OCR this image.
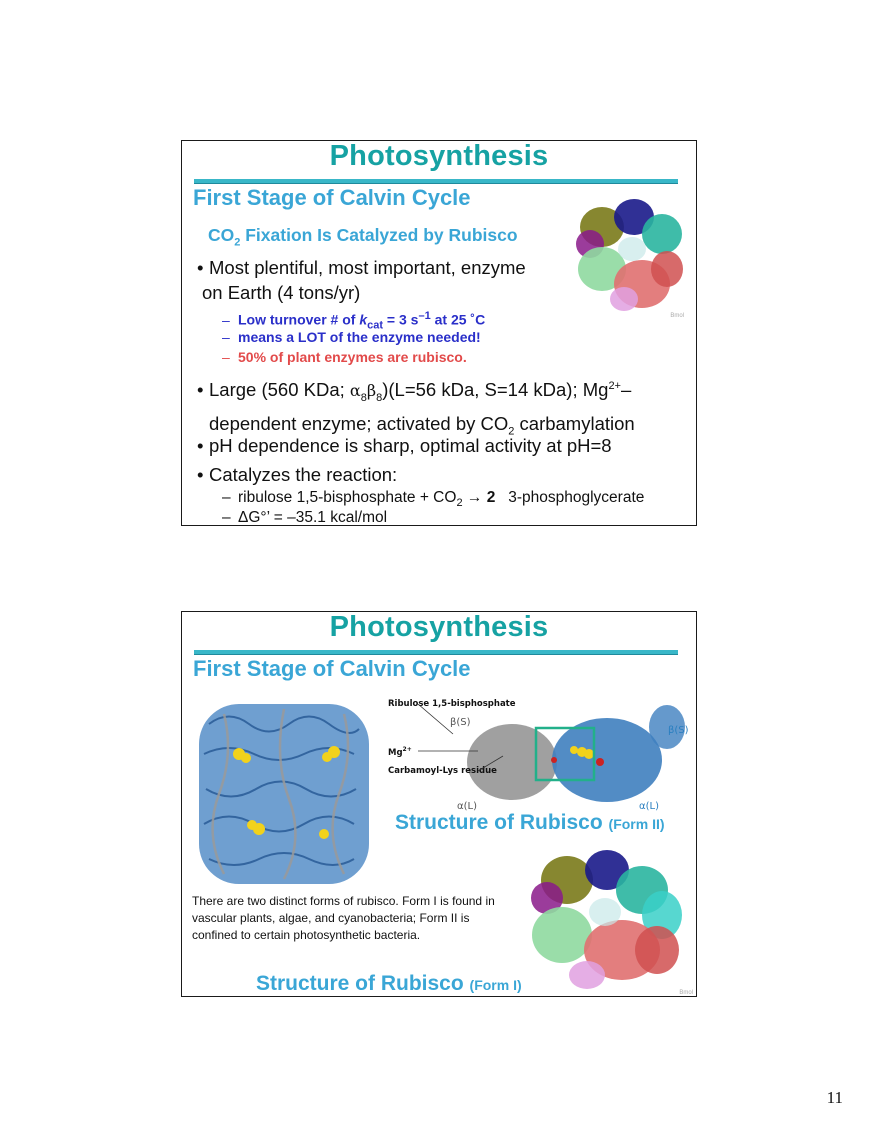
Photosynthesis
First Stage of Calvin Cycle
$CO_2$ Fixation Is Catalyzed by Rubisco
Bmol
• Most plentiful, most important, enzyme
on Earth (4 tons/yr)
– Low turnover # of $k_{cat} = 3$ $s^{-1}$ at 25 ˚C
– means a LOT of the enzyme needed!
– 50% of plant enzymes are rubisco.
• Large (560 KDa; $\alpha_8\beta_8)(L=56$ kDa, S=14 kDa); $Mg^{2+}-$
dependent enzyme; activated by $CO_2$ carbamylation
• pH dependence is sharp, optimal activity at pH=8
• Catalyzes the reaction:
– ribulose 1,5-bisphosphate + $CO_2 \to 2$ 3-phosphoglycerate
– ΔG°’ = –35.1 kcal/mol
Photosynthesis
First Stage of Calvin Cycle
Ribulose 1,5-bisphosphate
β(S)
β(S)
$Mg^{2+}$
Carbamoyl-Lys residue
α(L)	α(L)
Structure of Rubisco (Form II)
Bmol
There are two distinct forms of rubisco. Form I is found in vascular plants, algae, and cyanobacteria; Form II is confined to certain photosynthetic bacteria.
Structure of Rubisco (Form I)
11
